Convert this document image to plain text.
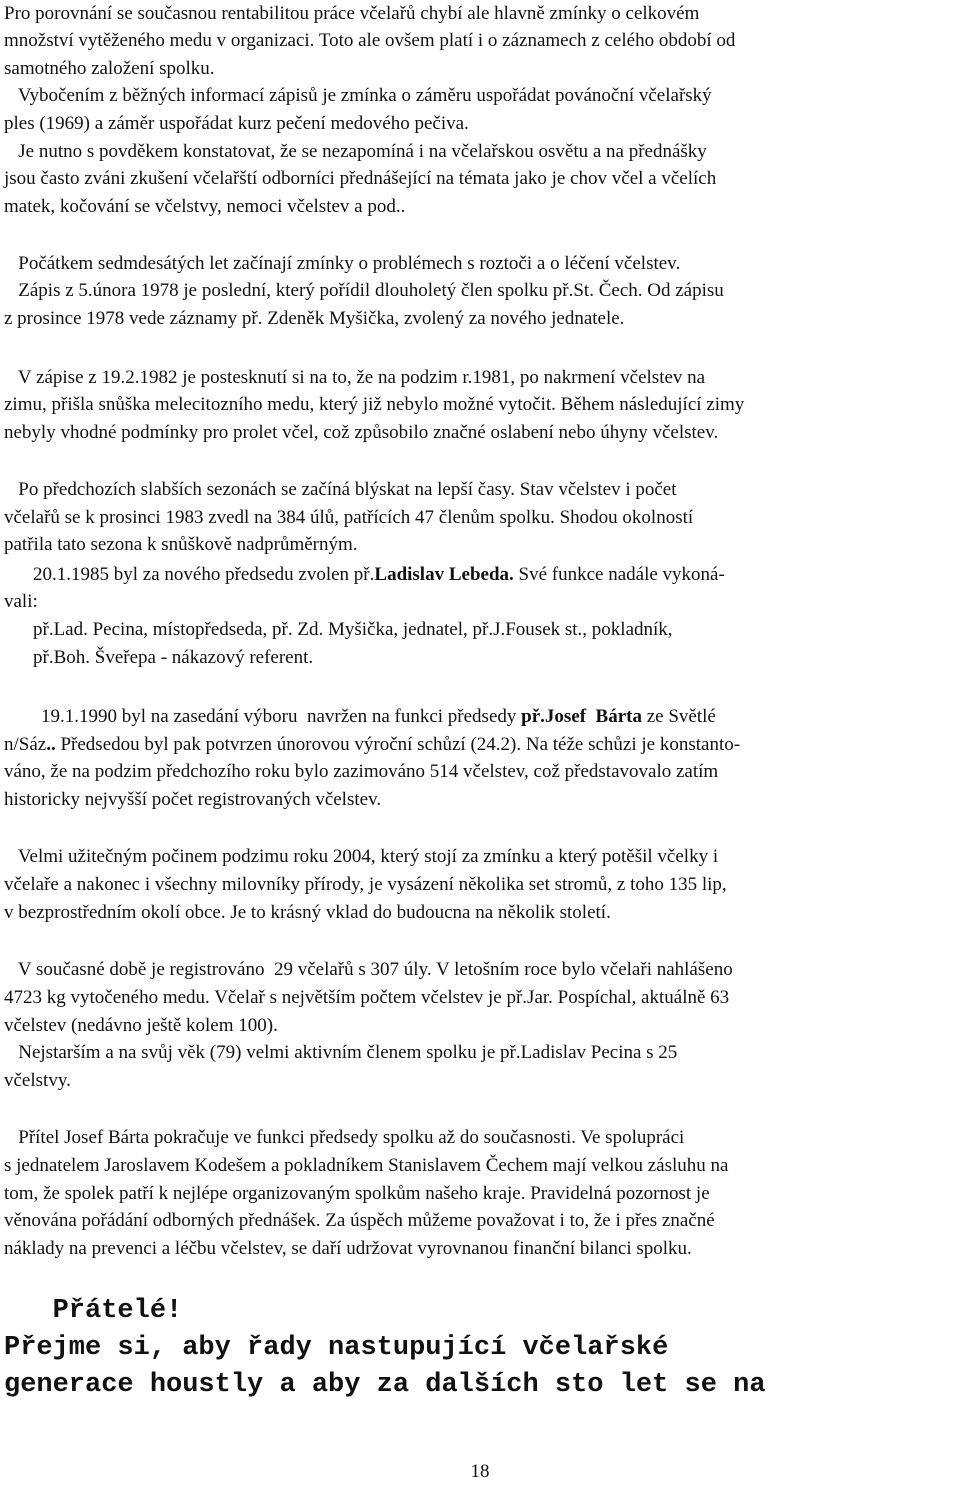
Pro porovnání se současnou rentabilitou práce včelařů chybí ale hlavně zmínky o celkovém
množství vytěženého medu v organizaci. Toto ale ovšem platí i o záznamech z celého období od
samotného založení spolku.
Vybočením z běžných informací zápisů je zmínka o záměru uspořádat povánoční včelařský
ples (1969) a záměr uspořádat kurz pečení medového pečiva.
Je nutno s povděkem konstatovat, že se nezapomíná i na včelařskou osvětu a na přednášky
jsou často zváni zkušení včelařští odborníci přednášející na témata jako je chov včel a včelích
matek, kočování se včelstvy, nemoci včelstev a pod..
Počátkem sedmdesátých let začínají zmínky o problémech s roztoči a o léčení včelstev.
Zápis z 5.února 1978 je poslední, který pořídil dlouholetý člen spolku př.St. Čech. Od zápisu
z prosince 1978 vede záznamy př. Zdeněk Myšička, zvolený za nového jednatele.
V zápise z 19.2.1982 je postesknutí si na to, že na podzim r.1981, po nakrmení včelstev na
zimu, přišla snůška melecitozního medu, který již nebylo možné vytočit. Během následující zimy
nebyly vhodné podmínky pro prolet včel, což způsobilo značné oslabení nebo úhyny včelstev.
Po předchozích slabších sezonách se začíná blýskat na lepší časy. Stav včelstev i počet
včelařů se k prosinci 1983 zvedl na 384 úlů, patřících 47 členům spolku. Shodou okolností
patřila tato sezona k snůškově nadprůměrným.
20.1.1985 byl za nového předsedu zvolen př.Ladislav Lebeda. Své funkce nadále vykoná-
vali:
př.Lad. Pecina, místopředseda, př. Zd. Myšička, jednatel, př.J.Fousek st., pokladník,
př.Boh. Šveřepa - nákazový referent.
19.1.1990 byl na zasedání výboru  navržen na funkci předsedy př.Josef  Bárta ze Světlé
n/Sáz.. Předsedou byl pak potvrzen únorovou výroční schůzí (24.2). Na téže schůzi je konstanto-
váno, že na podzim předchozího roku bylo zazimováno 514 včelstev, což představovalo zatím
historicky nejvyšší počet registrovaných včelstev.
Velmi užitečným počinem podzimu roku 2004, který stojí za zmínku a který potěšil včelky i
včelaře a nakonec i všechny milovníky přírody, je vysázení několika set stromů, z toho 135 lip,
v bezprostředním okolí obce. Je to krásný vklad do budoucna na několik století.
V současné době je registrováno  29 včelařů s 307 úly. V letošním roce bylo včelaři nahlášeno
4723 kg vytočeného medu. Včelař s největším počtem včelstev je př.Jar. Pospíchal, aktuálně 63
včelstev (nedávno ještě kolem 100).
Nejstarším a na svůj věk (79) velmi aktivním členem spolku je př.Ladislav Pecina s 25
včelstvy.
Přítel Josef Bárta pokračuje ve funkci předsedy spolku až do současnosti. Ve spolupráci
s jednatelem Jaroslavem Kodešem a pokladníkem Stanislavem Čechem mají velkou zásluhu na
tom, že spolek patří k nejlépe organizovaným spolkům našeho kraje. Pravidelná pozornost je
věnována pořádání odborných přednášek. Za úspěch můžeme považovat i to, že i přes značné
náklady na prevenci a léčbu včelstev, se daří udržovat vyrovnanou finanční bilanci spolku.
Přátelé!
Přejme si, aby řady nastupující včelařské
generace houstly a aby za dalších sto let se na
18
